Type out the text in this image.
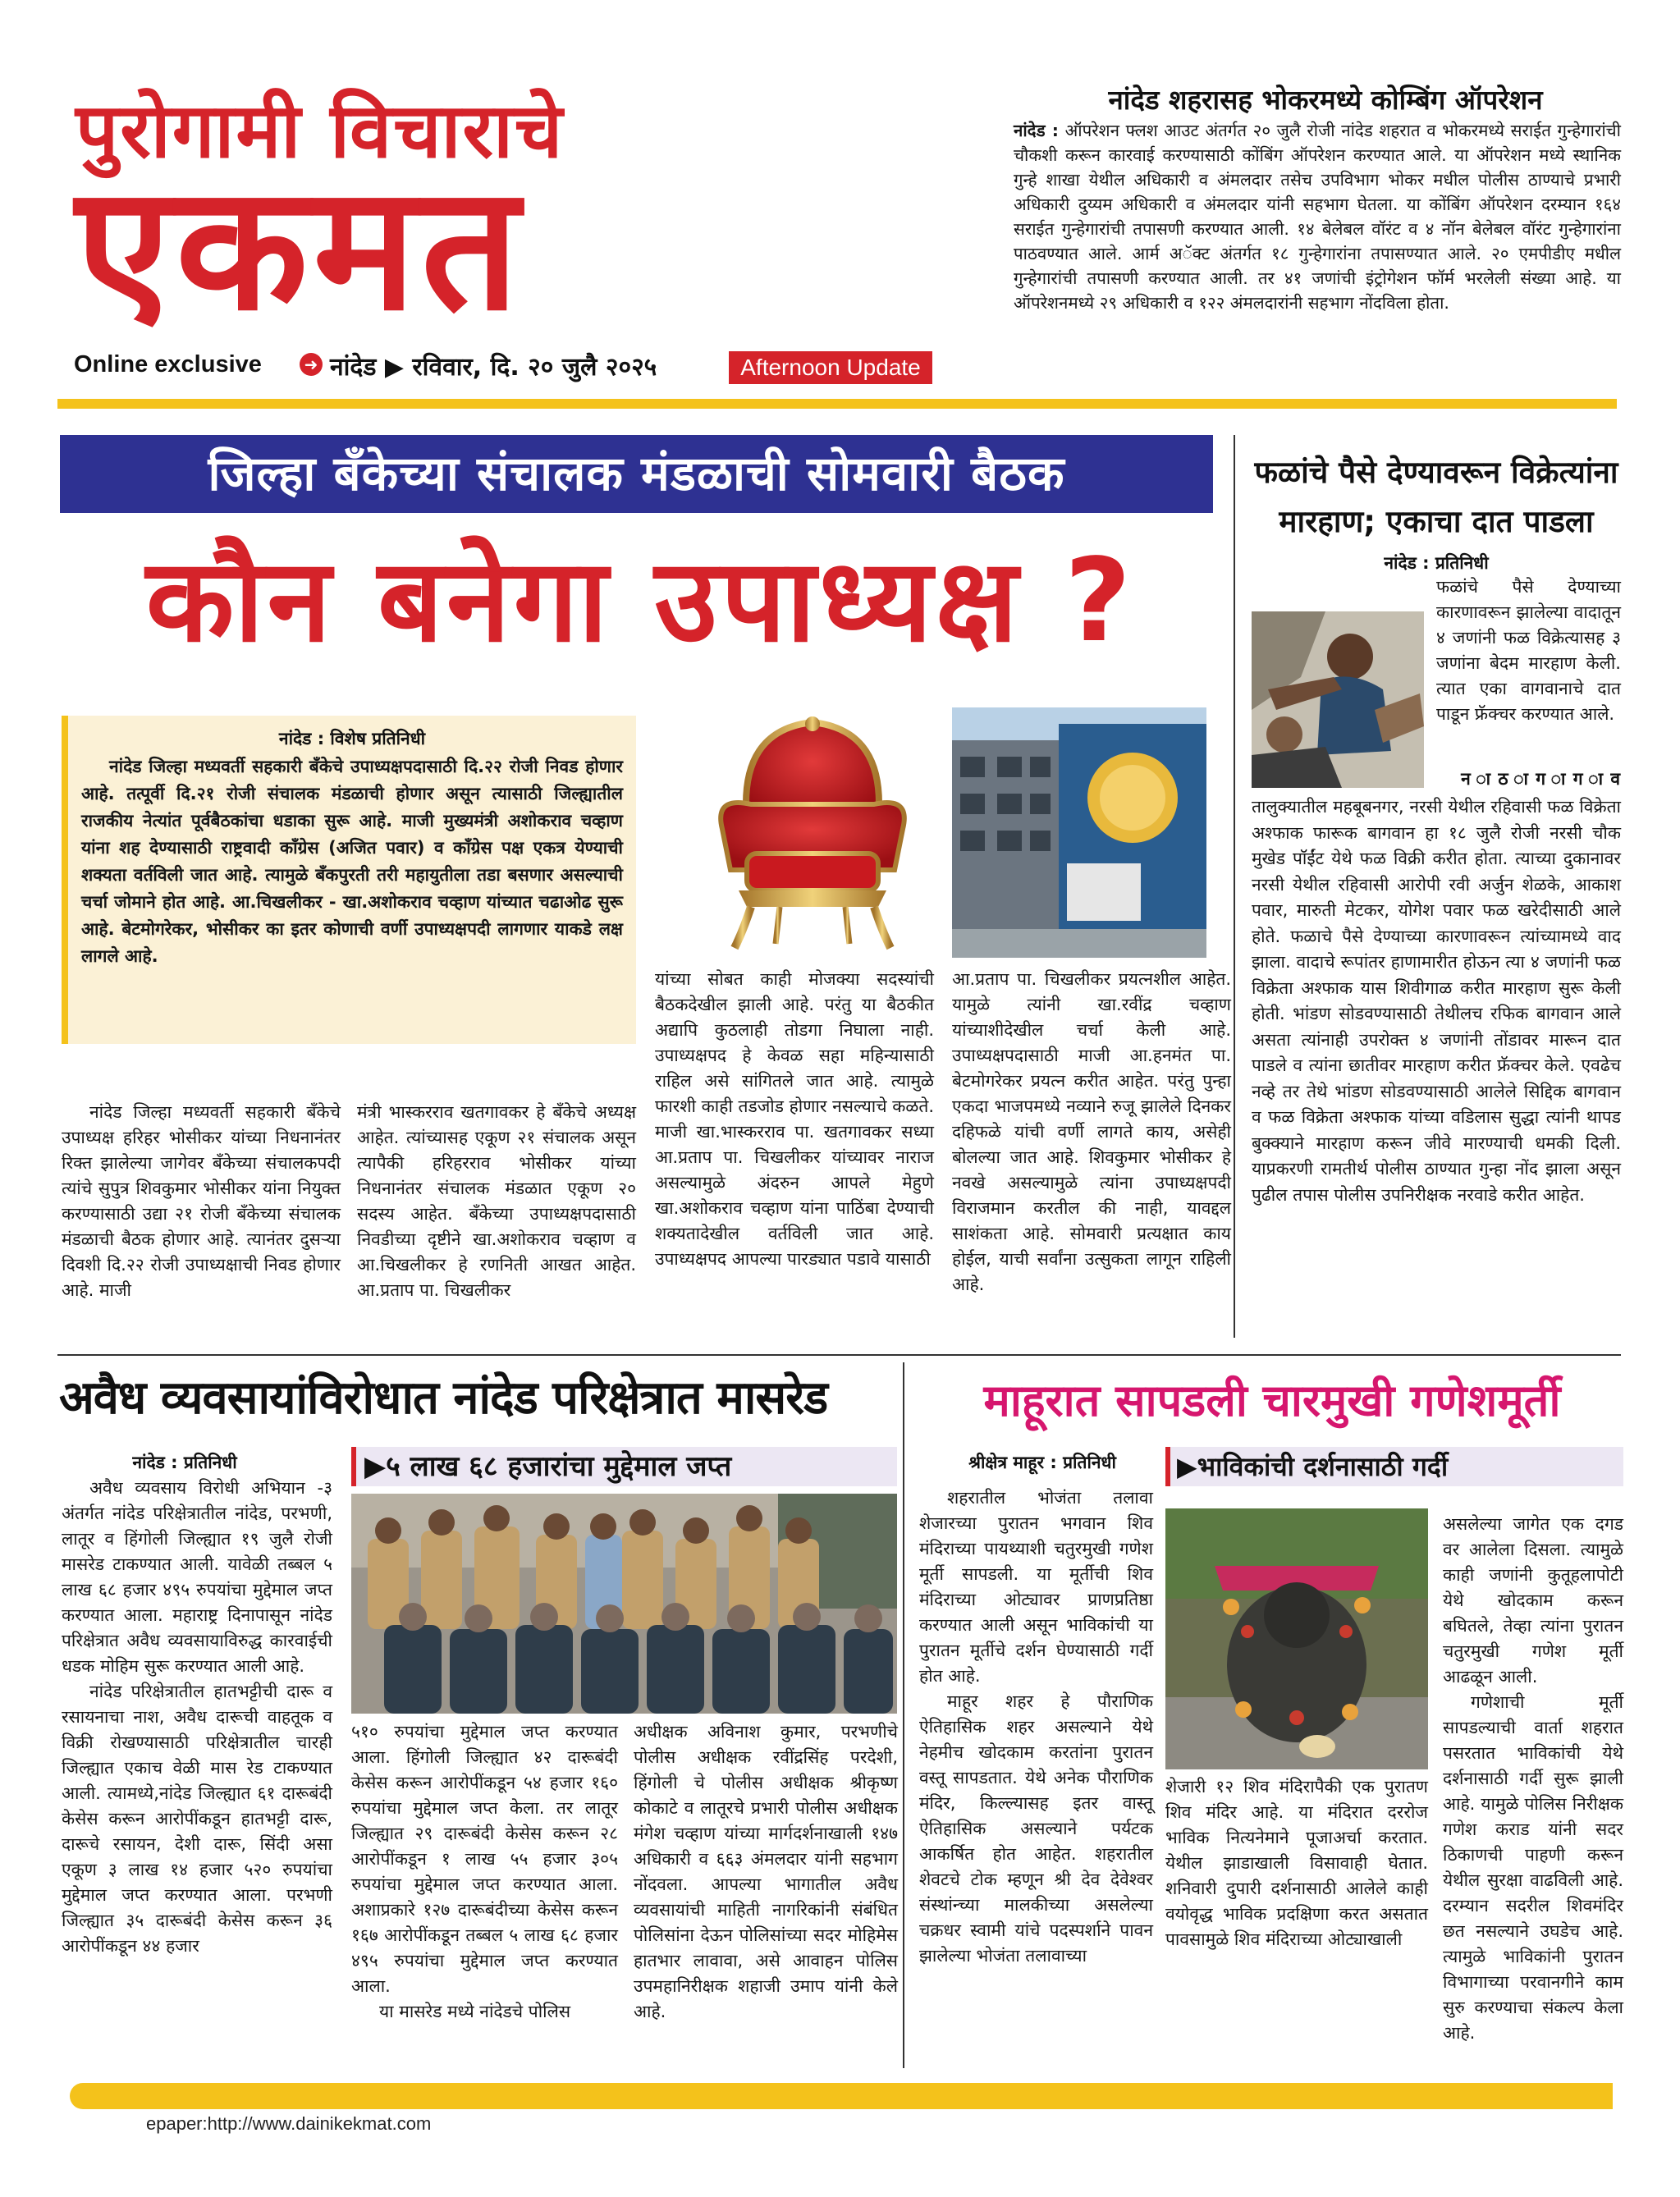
पुरोगामी विचाराचे
एकमत
Online exclusive	➜ नांदेड ▶ रविवार, दि. २० जुलै २०२५	Afternoon Update
नांदेड शहरासह भोकरमध्ये कोम्बिंग ऑपरेशन
नांदेड : ऑपरेशन फ्लश आउट अंतर्गत २० जुलै रोजी नांदेड शहरात व भोकरमध्ये सराईत गुन्हेगारांची चौकशी करून कारवाई करण्यासाठी कोंबिंग ऑपरेशन करण्यात आले. या ऑपरेशन मध्ये स्थानिक गुन्हे शाखा येथील अधिकारी व अंमलदार तसेच उपविभाग भोकर मधील पोलीस ठाण्याचे प्रभारी अधिकारी दुय्यम अधिकारी व अंमलदार यांनी सहभाग घेतला. या कोंबिंग ऑपरेशन दरम्यान १६४ सराईत गुन्हेगारांची तपासणी करण्यात आली. १४ बेलेबल वॉरंट व ४ नॉन बेलेबल वॉरंट गुन्हेगारांना पाठवण्यात आले. आर्म अॅक्ट अंतर्गत १८ गुन्हेगारांना तपासण्यात आले. २० एमपीडीए मधील गुन्हेगारांची तपासणी करण्यात आली. तर ४१ जणांची इंट्रोगेशन फॉर्म भरलेली संख्या आहे. या ऑपरेशनमध्ये २९ अधिकारी व १२२ अंमलदारांनी सहभाग नोंदविला होता.
जिल्हा बँकेच्या संचालक मंडळाची सोमवारी बैठक
कौन बनेगा उपाध्यक्ष ?
नांदेड : विशेष प्रतिनिधी
नांदेड जिल्हा मध्यवर्ती सहकारी बँकेचे उपाध्यक्षपदासाठी दि.२२ रोजी निवड होणार आहे. तत्पूर्वी दि.२१ रोजी संचालक मंडळाची होणार असून त्यासाठी जिल्ह्यातील राजकीय नेत्यांत पूर्वबैठकांचा धडाका सुरू आहे. माजी मुख्यमंत्री अशोकराव चव्हाण यांना शह देण्यासाठी राष्ट्रवादी काँग्रेस (अजित पवार) व काँग्रेस पक्ष एकत्र येण्याची शक्यता वर्तविली जात आहे. त्यामुळे बँकपुरती तरी महायुतीला तडा बसणार असल्याची चर्चा जोमाने होत आहे. आ.चिखलीकर - खा.अशोकराव चव्हाण यांच्यात चढाओढ सुरू आहे. बेटमोगरेकर, भोसीकर का इतर कोणाची वर्णी उपाध्यक्षपदी लागणार याकडे लक्ष लागले आहे.

नांदेड जिल्हा मध्यवर्ती सहकारी बँकेचे उपाध्यक्ष हरिहर भोसीकर यांच्या निधनानंतर रिक्त झालेल्या जागेवर बँकेच्या संचालकपदी त्यांचे सुपुत्र शिवकुमार भोसीकर यांना नियुक्त करण्यासाठी उद्या २१ रोजी बँकेच्या संचालक मंडळाची बैठक होणार आहे. त्यानंतर दुसऱ्या दिवशी दि.२२ रोजी उपाध्यक्षाची निवड होणार आहे. माजी

मंत्री भास्करराव खतगावकर हे बँकेचे अध्यक्ष आहेत. त्यांच्यासह एकूण २१ संचालक असून त्यापैकी हरिहरराव भोसीकर यांच्या निधनानंतर संचालक मंडळात एकूण २० सदस्य आहेत. बँकेच्या उपाध्यक्षपदासाठी निवडीच्या दृष्टीने खा.अशोकराव चव्हाण व आ.चिखलीकर हे रणनिती आखत आहेत. आ.प्रताप पा. चिखलीकर

यांच्या सोबत काही मोजक्या सदस्यांची बैठकदेखील झाली आहे. परंतु या बैठकीत अद्यापि कुठलाही तोडगा निघाला नाही. उपाध्यक्षपद हे केवळ सहा महिन्यासाठी राहिल असे सांगितले जात आहे. त्यामुळे फारशी काही तडजोड होणार नसल्याचे कळते. माजी खा.भास्करराव पा. खतगावकर सध्या आ.प्रताप पा. चिखलीकर यांच्यावर नाराज असल्यामुळे अंदरुन आपले मेहुणे खा.अशोकराव चव्हाण यांना पाठिंबा देण्याची शक्यतादेखील वर्तविली जात आहे. उपाध्यक्षपद आपल्या पारड्यात पडावे यासाठी

आ.प्रताप पा. चिखलीकर प्रयत्नशील आहेत. यामुळे त्यांनी खा.रवींद्र चव्हाण यांच्याशीदेखील चर्चा केली आहे. उपाध्यक्षपदासाठी माजी आ.हनमंत पा. बेटमोगरेकर प्रयत्न करीत आहेत. परंतु पुन्हा एकदा भाजपमध्ये नव्याने रुजू झालेले दिनकर दहिफळे यांची वर्णी लागते काय, असेही बोलल्या जात आहे. शिवकुमार भोसीकर हे नवखे असल्यामुळे त्यांना उपाध्यक्षपदी विराजमान करतील की नाही, यावद्दल साशंकता आहे. सोमवारी प्रत्यक्षात काय होईल, याची सर्वांना उत्सुकता लागून राहिली आहे.

फळांचे पैसे देण्यावरून विक्रेत्यांना
मारहाण; एकाचा दात पाडला
नांदेड : प्रतिनिधी
फळांचे पैसे देण्याच्या कारणावरून झालेल्या वादातून ४ जणांनी फळ विक्रेत्यासह ३ जणांना बेदम मारहाण केली. त्यात एका वागवानाचे दात पाडून फ्रॅक्चर करण्यात आले.
न ा ठ ा ग ा ग ा व
तालुक्यातील महबूबनगर, नरसी येथील रहिवासी फळ विक्रेता अश्फाक फारूक बागवान हा १८ जुलै रोजी नरसी चौक मुखेड पॉईंट येथे फळ विक्री करीत होता. त्याच्या दुकानावर नरसी येथील रहिवासी आरोपी रवी अर्जुन शेळके, आकाश पवार, मारुती मेटकर, योगेश पवार फळ खरेदीसाठी आले होते. फळाचे पैसे देण्याच्या कारणावरून त्यांच्यामध्ये वाद झाला. वादाचे रूपांतर हाणामारीत होऊन त्या ४ जणांनी फळ विक्रेता अश्फाक यास शिवीगाळ करीत मारहाण सुरू केली होती. भांडण सोडवण्यासाठी तेथीलच रफिक बागवान आले असता त्यांनाही उपरोक्त ४ जणांनी तोंडावर मारून दात पाडले व त्यांना छातीवर मारहाण करीत फ्रॅक्चर केले. एवढेच नव्हे तर तेथे भांडण सोडवण्यासाठी आलेले सिद्दिक बागवान व फळ विक्रेता अश्फाक यांच्या वडिलास सुद्धा त्यांनी थापड बुक्क्याने मारहाण करून जीवे मारण्याची धमकी दिली. याप्रकरणी रामतीर्थ पोलीस ठाण्यात गुन्हा नोंद झाला असून पुढील तपास पोलीस उपनिरीक्षक नरवाडे करीत आहेत.
अवैध व्यवसायांविरोधात नांदेड परिक्षेत्रात मासरेड
नांदेड : प्रतिनिधी	▶५ लाख ६८ हजारांचा मुद्देमाल जप्त

अवैध व्यवसाय विरोधी अभियान -३ अंतर्गत नांदेड परिक्षेत्रातील नांदेड, परभणी, लातूर व हिंगोली जिल्ह्यात १९ जुलै रोजी मासरेड टाकण्यात आली. यावेळी तब्बल ५ लाख ६८ हजार ४९५ रुपयांचा मुद्देमाल जप्त करण्यात आला. महाराष्ट्र दिनापासून नांदेड परिक्षेत्रात अवैध व्यवसायाविरुद्ध कारवाईची धडक मोहिम सुरू करण्यात आली आहे.

नांदेड परिक्षेत्रातील हातभट्टीची दारू व रसायनाचा नाश, अवैध दारूची वाहतूक व विक्री रोखण्यासाठी परिक्षेत्रातील चारही जिल्ह्यात एकाच वेळी मास रेड टाकण्यात आली. त्यामध्ये,नांदेड जिल्ह्यात ६१ दारूबंदी केसेस करून आरोपींकडून हातभट्टी दारू, दारूचे रसायन, देशी दारू, सिंदी असा एकूण ३ लाख १४ हजार ५२० रुपयांचा मुद्देमाल जप्त करण्यात आला. परभणी जिल्ह्यात ३५ दारूबंदी केसेस करून ३६ आरोपींकडून ४४ हजार

५१० रुपयांचा मुद्देमाल जप्त करण्यात आला. हिंगोली जिल्ह्यात ४२ दारूबंदी केसेस करून आरोपींकडून ५४ हजार १६० रुपयांचा मुद्देमाल जप्त केला. तर लातूर जिल्ह्यात २९ दारूबंदी केसेस करून २८ आरोपींकडून १ लाख ५५ हजार ३०५ रुपयांचा मुद्देमाल जप्त करण्यात आला. अशाप्रकारे १२७ दारूबंदीच्या केसेस करून १६७ आरोपींकडून तब्बल ५ लाख ६८ हजार ४९५ रुपयांचा मुद्देमाल जप्त करण्यात आला.

या मासरेड मध्ये नांदेडचे पोलिस

अधीक्षक अविनाश कुमार, परभणीचे पोलीस अधीक्षक रवींद्रसिंह परदेशी, हिंगोली चे पोलीस अधीक्षक श्रीकृष्ण कोकाटे व लातूरचे प्रभारी पोलीस अधीक्षक मंगेश चव्हाण यांच्या मार्गदर्शनाखाली १४७ अधिकारी व ६६३ अंमलदार यांनी सहभाग नोंदवला. आपल्या भागातील अवैध व्यवसायांची माहिती नागरिकांनी संबंधित पोलिसांना देऊन पोलिसांच्या सदर मोहिमेस हातभार लावावा, असे आवाहन पोलिस उपमहानिरीक्षक शहाजी उमाप यांनी केले आहे.

माहूरात सापडली चारमुखी गणेशमूर्ती
श्रीक्षेत्र माहूर : प्रतिनिधी	▶भाविकांची दर्शनासाठी गर्दी

शहरातील भोजंता तलावा शेजारच्या पुरातन भगवान शिव मंदिराच्या पायथ्याशी चतुरमुखी गणेश मूर्ती सापडली. या मूर्तीची शिव मंदिराच्या ओट्यावर प्राणप्रतिष्ठा करण्यात आली असून भाविकांची या पुरातन मूर्तीचे दर्शन घेण्यासाठी गर्दी होत आहे.

माहूर शहर हे पौराणिक ऐतिहासिक शहर असल्याने येथे नेहमीच खोदकाम करतांना पुरातन वस्तू सापडतात. येथे अनेक पौराणिक मंदिर, किल्ल्यासह इतर वास्तू ऐतिहासिक असल्याने पर्यटक आकर्षित होत आहेत. शहरातील शेवटचे टोक म्हणून श्री देव देवेश्वर संस्थांन्च्या मालकीच्या असलेल्या चक्रधर स्वामी यांचे पदस्पर्शाने पावन झालेल्या भोजंता तलावाच्या

शेजारी १२ शिव मंदिरापैकी एक पुरातण शिव मंदिर आहे. या मंदिरात दररोज भाविक नित्यनेमाने पूजाअर्चा करतात. येथील झाडाखाली विसावाही घेतात. शनिवारी दुपारी दर्शनासाठी आलेले काही वयोवृद्ध भाविक प्रदक्षिणा करत असतात पावसामुळे शिव मंदिराच्या ओट्याखाली

असलेल्या जागेत एक दगड वर आलेला दिसला. त्यामुळे काही जणांनी कुतूहलापोटी येथे खोदकाम करून बघितले, तेव्हा त्यांना पुरातन चतुरमुखी गणेश मूर्ती आढळून आली.

गणेशाची मूर्ती सापडल्याची वार्ता शहरात पसरतात भाविकांची येथे दर्शनासाठी गर्दी सुरू झाली आहे. यामुळे पोलिस निरीक्षक गणेश कराड यांनी सदर ठिकाणची पाहणी करून येथील सुरक्षा वाढविली आहे. दरम्यान सदरील शिवमंदिर छत नसल्याने उघडेच आहे. त्यामुळे भाविकांनी पुरातन विभागाच्या परवानगीने काम सुरु करण्याचा संकल्प केला आहे.

epaper:http://www.dainikekmat.com
